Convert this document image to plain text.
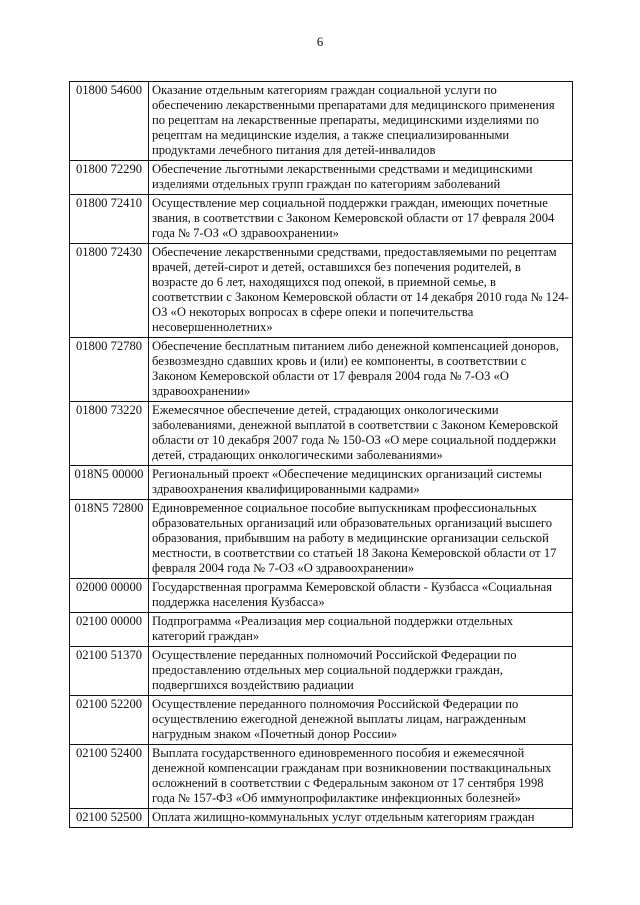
6
01800 54600	Оказание отдельным категориям граждан социальной услуги по обеспечению лекарственными препаратами для медицинского применения по рецептам на лекарственные препараты, медицинскими изделиями по рецептам на медицинские изделия, а также специализированными продуктами лечебного питания для детей-инвалидов
01800 72290	Обеспечение льготными лекарственными средствами и медицинскими изделиями отдельных групп граждан по категориям заболеваний
01800 72410	Осуществление мер социальной поддержки граждан, имеющих почетные звания, в соответствии с Законом Кемеровской области от 17 февраля 2004 года № 7-ОЗ «О здравоохранении»
01800 72430	Обеспечение лекарственными средствами, предоставляемыми по рецептам врачей, детей-сирот и детей, оставшихся без попечения родителей, в возрасте до 6 лет, находящихся под опекой, в приемной семье, в соответствии с Законом Кемеровской области от 14 декабря 2010 года № 124-ОЗ «О некоторых вопросах в сфере опеки и попечительства несовершеннолетних»
01800 72780	Обеспечение бесплатным питанием либо денежной компенсацией доноров, безвозмездно сдавших кровь и (или) ее компоненты, в соответствии с Законом Кемеровской области от 17 февраля 2004 года № 7-ОЗ «О здравоохранении»
01800 73220	Ежемесячное обеспечение детей, страдающих онкологическими заболеваниями, денежной выплатой в соответствии с Законом Кемеровской области от 10 декабря 2007 года № 150-ОЗ «О мере социальной поддержки детей, страдающих онкологическими заболеваниями»
018N5 00000	Региональный проект «Обеспечение медицинских организаций системы здравоохранения квалифицированными кадрами»
018N5 72800	Единовременное социальное пособие выпускникам профессиональных образовательных организаций или образовательных организаций высшего образования, прибывшим на работу в медицинские организации сельской местности, в соответствии со статьей 18 Закона Кемеровской области от 17 февраля 2004 года № 7-ОЗ «О здравоохранении»
02000 00000	Государственная программа Кемеровской области - Кузбасса «Социальная поддержка населения Кузбасса»
02100 00000	Подпрограмма «Реализация мер социальной поддержки отдельных категорий граждан»
02100 51370	Осуществление переданных полномочий Российской Федерации по предоставлению отдельных мер социальной поддержки граждан, подвергшихся воздействию радиации
02100 52200	Осуществление переданного полномочия Российской Федерации по осуществлению ежегодной денежной выплаты лицам, награжденным нагрудным знаком «Почетный донор России»
02100 52400	Выплата государственного единовременного пособия и ежемесячной денежной компенсации гражданам при возникновении поствакцинальных осложнений в соответствии с Федеральным законом от 17 сентября 1998 года № 157-ФЗ «Об иммунопрофилактике инфекционных болезней»
02100 52500	Оплата жилищно-коммунальных услуг отдельным категориям граждан
